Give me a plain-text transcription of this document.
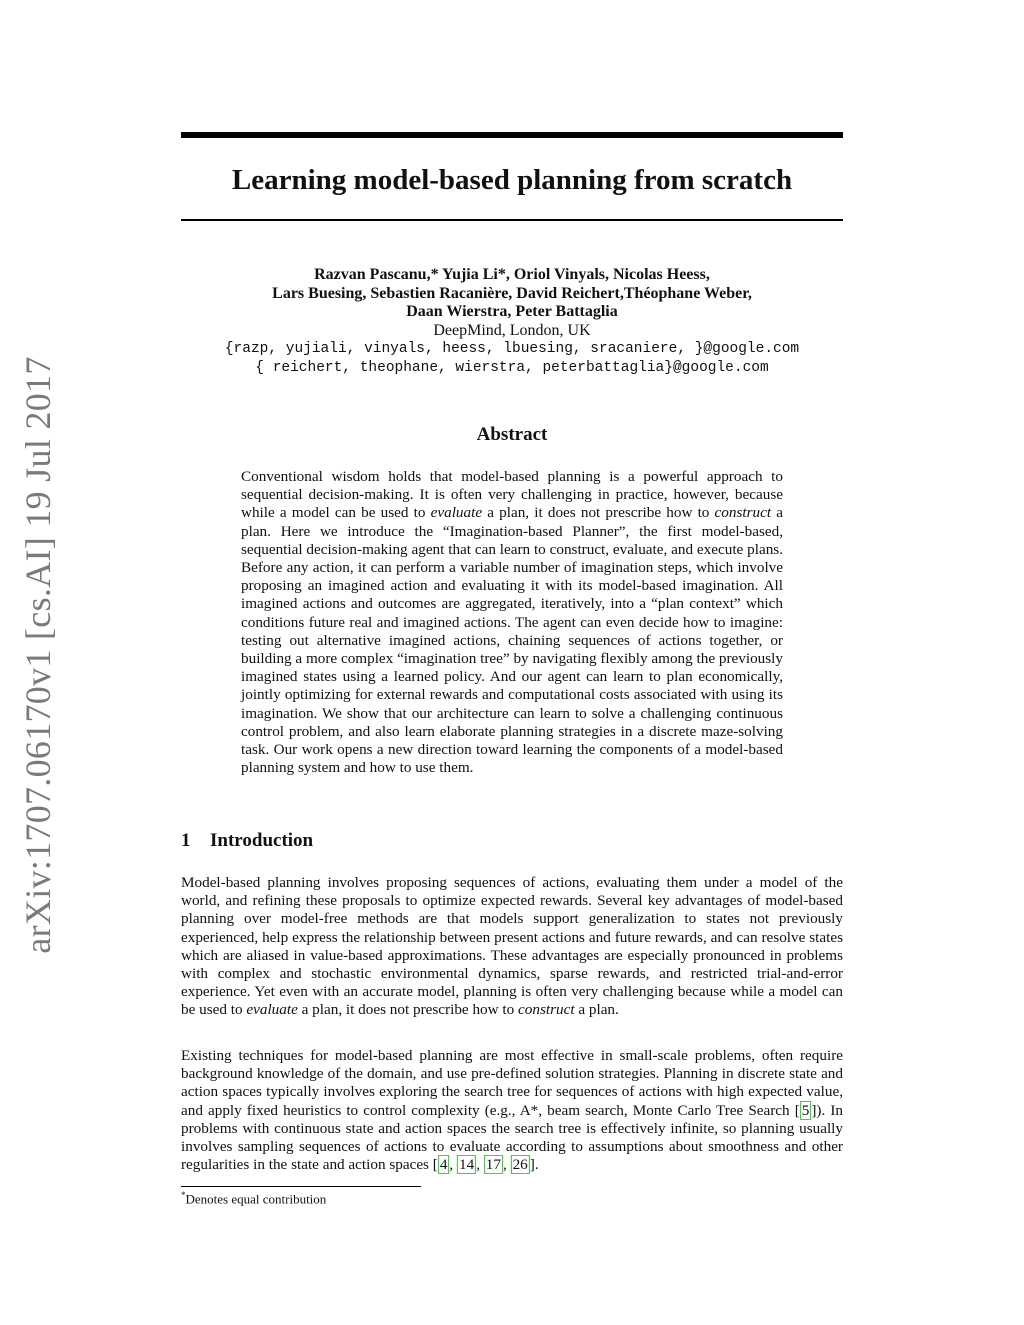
arXiv:1707.06170v1 [cs.AI] 19 Jul 2017
Learning model-based planning from scratch
Razvan Pascanu,* Yujia Li*, Oriol Vinyals, Nicolas Heess,
Lars Buesing, Sebastien Racanière, David Reichert,Théophane Weber,
Daan Wierstra, Peter Battaglia
DeepMind, London, UK
{razp, yujiali, vinyals, heess, lbuesing, sracaniere, }@google.com
{ reichert, theophane, wierstra, peterbattaglia}@google.com
Abstract
Conventional wisdom holds that model-based planning is a powerful approach to sequential decision-making. It is often very challenging in practice, however, because while a model can be used to evaluate a plan, it does not prescribe how to construct a plan. Here we introduce the “Imagination-based Planner”, the first model-based, sequential decision-making agent that can learn to construct, evaluate, and execute plans. Before any action, it can perform a variable number of imagination steps, which involve proposing an imagined action and evaluating it with its model-based imagination. All imagined actions and outcomes are aggregated, iteratively, into a “plan context” which conditions future real and imagined actions. The agent can even decide how to imagine: testing out alternative imagined actions, chaining sequences of actions together, or building a more complex “imagination tree” by navigating flexibly among the previously imagined states using a learned policy. And our agent can learn to plan economically, jointly optimizing for external rewards and computational costs associated with using its imagination. We show that our architecture can learn to solve a challenging continuous control problem, and also learn elaborate planning strategies in a discrete maze-solving task. Our work opens a new direction toward learning the components of a model-based planning system and how to use them.
1 Introduction
Model-based planning involves proposing sequences of actions, evaluating them under a model of the world, and refining these proposals to optimize expected rewards. Several key advantages of model-based planning over model-free methods are that models support generalization to states not previously experienced, help express the relationship between present actions and future rewards, and can resolve states which are aliased in value-based approximations. These advantages are especially pronounced in problems with complex and stochastic environmental dynamics, sparse rewards, and restricted trial-and-error experience. Yet even with an accurate model, planning is often very challenging because while a model can be used to evaluate a plan, it does not prescribe how to construct a plan.
Existing techniques for model-based planning are most effective in small-scale problems, often require background knowledge of the domain, and use pre-defined solution strategies. Planning in discrete state and action spaces typically involves exploring the search tree for sequences of actions with high expected value, and apply fixed heuristics to control complexity (e.g., A*, beam search, Monte Carlo Tree Search [ 5 ]). In problems with continuous state and action spaces the search tree is effectively infinite, so planning usually involves sampling sequences of actions to evaluate according to assumptions about smoothness and other regularities in the state and action spaces [ 4 , 14 , 17 , 26 ].
*Denotes equal contribution
